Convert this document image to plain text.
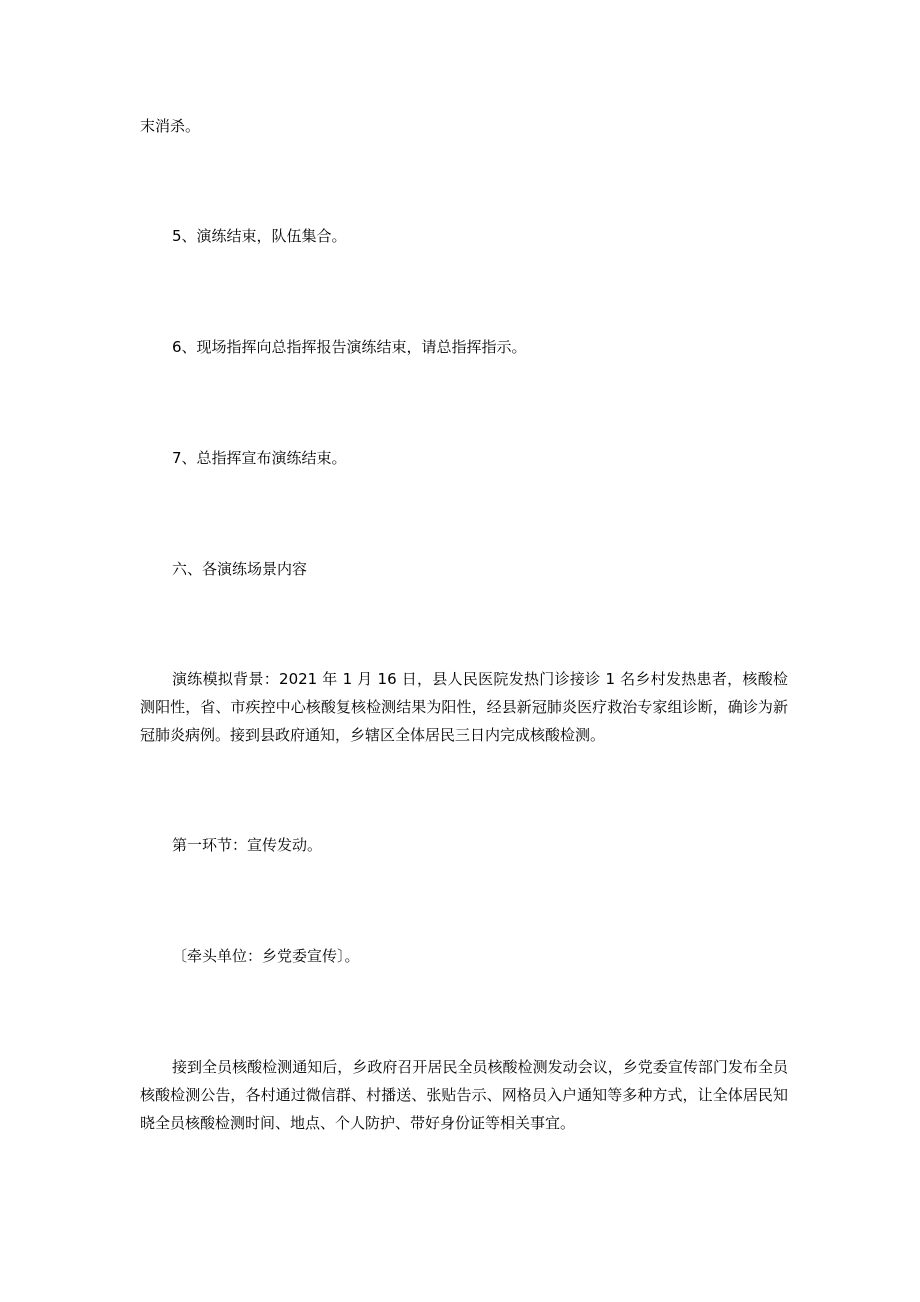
末消杀。
5、演练结束，队伍集合。
6、现场指挥向总指挥报告演练结束，请总指挥指示。
7、总指挥宣布演练结束。
六、各演练场景内容
演练模拟背景：2021 年 1 月 16 日，县人民医院发热门诊接诊 1 名乡村发热患者，核酸检测阳性，省、市疾控中心核酸复核检测结果为阳性，经县新冠肺炎医疗救治专家组诊断，确诊为新冠肺炎病例。接到县政府通知，乡辖区全体居民三日内完成核酸检测。
第一环节：宣传发动。
〔牵头单位：乡党委宣传〕。
接到全员核酸检测通知后，乡政府召开居民全员核酸检测发动会议，乡党委宣传部门发布全员核酸检测公告，各村通过微信群、村播送、张贴告示、网格员入户通知等多种方式，让全体居民知晓全员核酸检测时间、地点、个人防护、带好身份证等相关事宜。
